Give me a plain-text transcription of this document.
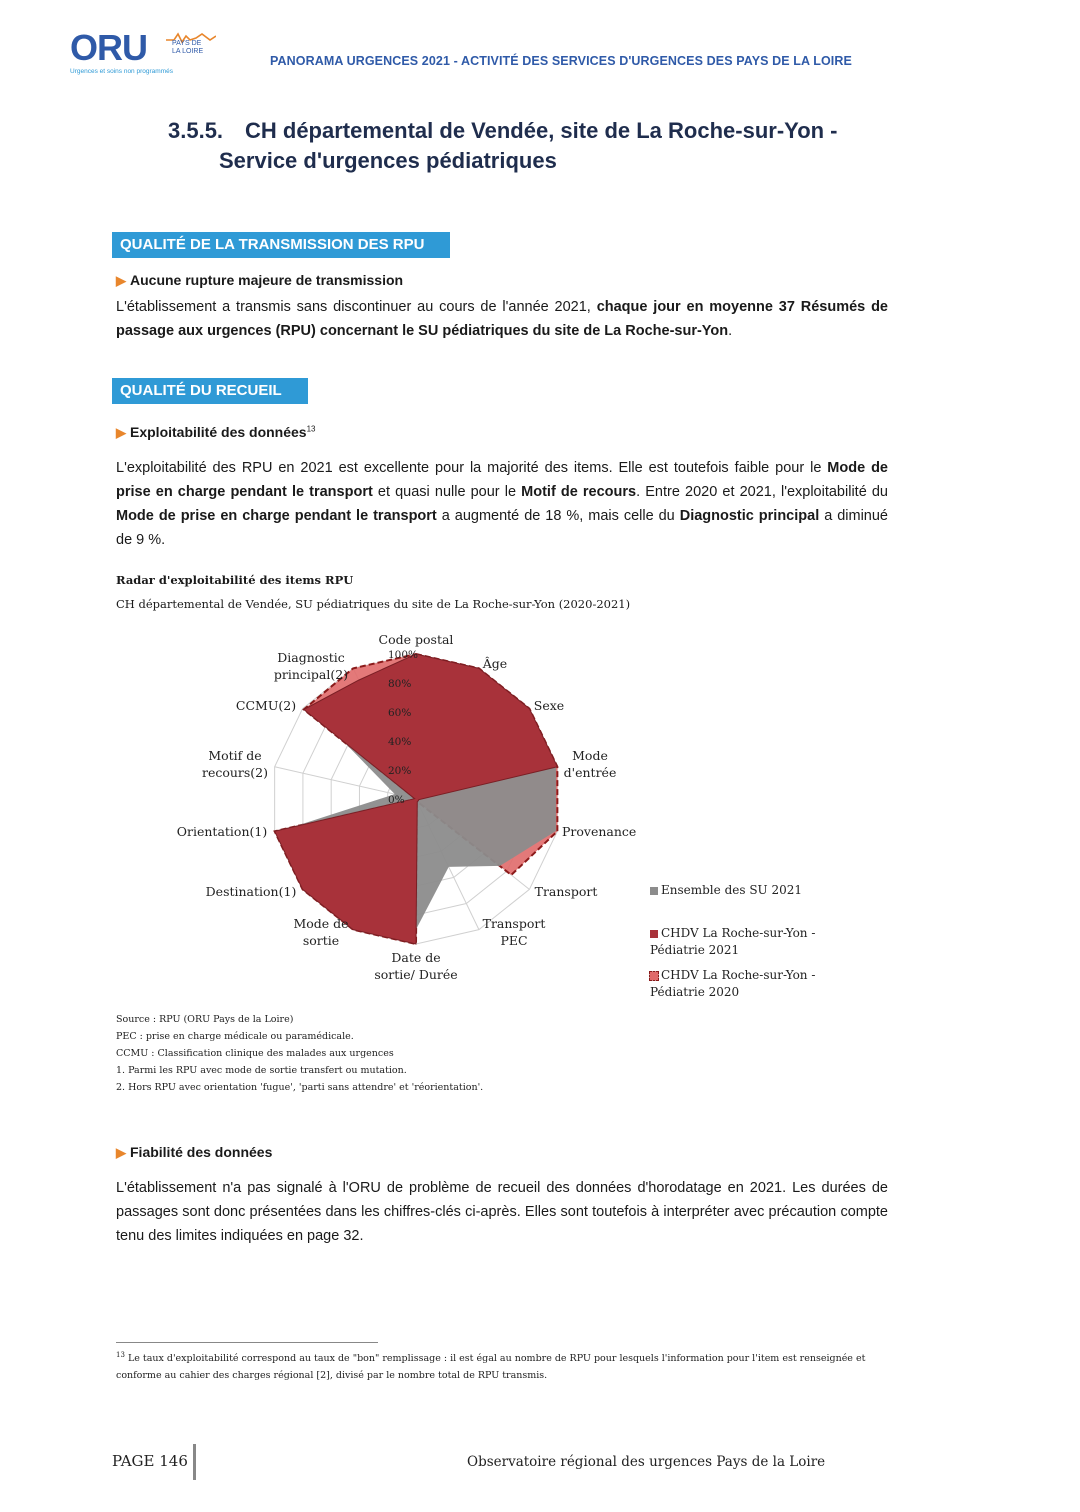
ORU	PAYS DE
LA LOIRE
Urgences et soins non programmés
PANORAMA URGENCES 2021 - ACTIVITÉ DES SERVICES D'URGENCES DES PAYS DE LA LOIRE
3.5.5. CH départemental de Vendée, site de La Roche-sur-Yon -
Service d'urgences pédiatriques
QUALITÉ DE LA TRANSMISSION DES RPU
▶ Aucune rupture majeure de transmission
L'établissement a transmis sans discontinuer au cours de l'année 2021, chaque jour en moyenne 37 Résumés de passage aux urgences (RPU) concernant le SU pédiatriques du site de La Roche-sur-Yon.
QUALITÉ DU RECUEIL
▶ Exploitabilité des données$^{13}$
L'exploitabilité des RPU en 2021 est excellente pour la majorité des items. Elle est toutefois faible pour le Mode de prise en charge pendant le transport et quasi nulle pour le Motif de recours. Entre 2020 et 2021, l'exploitabilité du Mode de prise en charge pendant le transport a augmenté de 18 %, mais celle du Diagnostic principal a diminué de 9 %.
Radar d'exploitabilité des items RPU
CH départemental de Vendée, SU pédiatriques du site de La Roche-sur-Yon (2020-2021)
0%
20%
40%
60%
80%
100%
Code postal
Âge
Sexe
Mode
d'entrée
Provenance
Transport
Transport
PEC
Date de
sortie/ Durée
Mode de
sortie
Destination(1)
Orientation(1)
Motif de
recours(2)
CCMU(2)
Diagnostic
principal(2)
Ensemble des SU 2021
CHDV La Roche-sur-Yon - Pédiatrie 2021
CHDV La Roche-sur-Yon - Pédiatrie 2020
Source : RPU (ORU Pays de la Loire)
PEC : prise en charge médicale ou paramédicale.
CCMU : Classification clinique des malades aux urgences
1. Parmi les RPU avec mode de sortie transfert ou mutation.
2. Hors RPU avec orientation 'fugue', 'parti sans attendre' et 'réorientation'.
▶ Fiabilité des données
L'établissement n'a pas signalé à l'ORU de problème de recueil des données d'horodatage en 2021. Les durées de passages sont donc présentées dans les chiffres-clés ci-après. Elles sont toutefois à interpréter avec précaution compte tenu des limites indiquées en page 32.
$^{13}$ Le taux d'exploitabilité correspond au taux de "bon" remplissage : il est égal au nombre de RPU pour lesquels l'information pour l'item est renseignée et conforme au cahier des charges régional [2], divisé par le nombre total de RPU transmis.
PAGE 146	Observatoire régional des urgences Pays de la Loire
